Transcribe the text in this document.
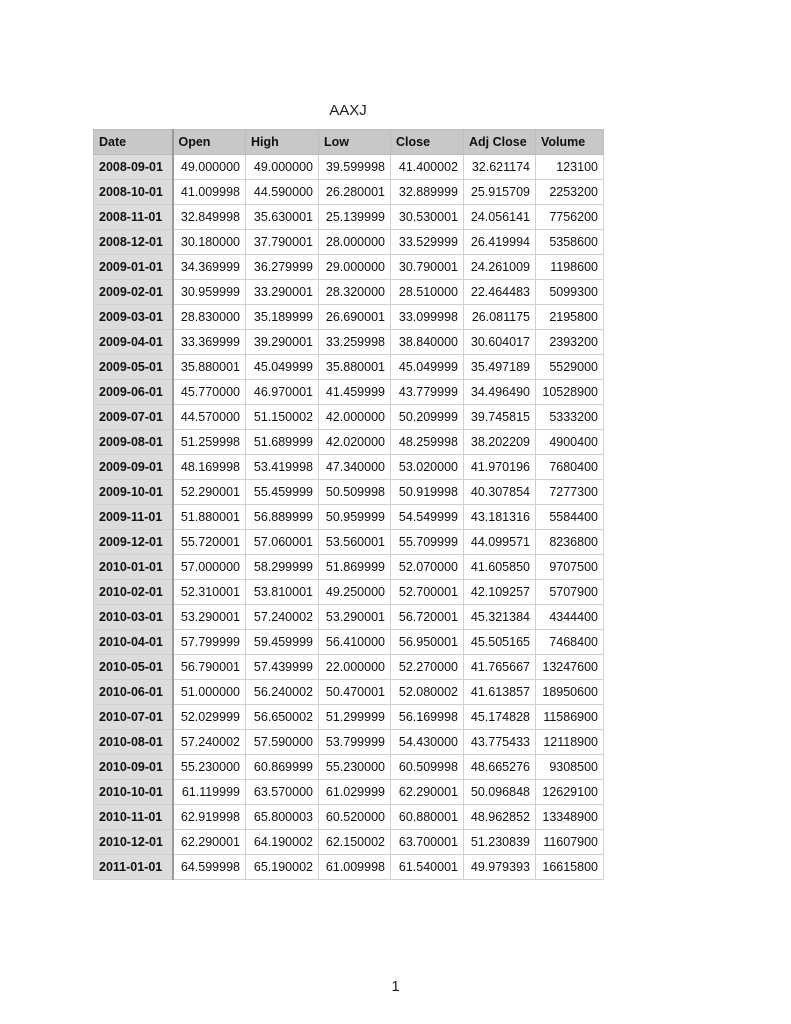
AAXJ
Date	Open	High	Low	Close	Adj Close	Volume
2008-09-01	49.000000	49.000000	39.599998	41.400002	32.621174	123100
2008-10-01	41.009998	44.590000	26.280001	32.889999	25.915709	2253200
2008-11-01	32.849998	35.630001	25.139999	30.530001	24.056141	7756200
2008-12-01	30.180000	37.790001	28.000000	33.529999	26.419994	5358600
2009-01-01	34.369999	36.279999	29.000000	30.790001	24.261009	1198600
2009-02-01	30.959999	33.290001	28.320000	28.510000	22.464483	5099300
2009-03-01	28.830000	35.189999	26.690001	33.099998	26.081175	2195800
2009-04-01	33.369999	39.290001	33.259998	38.840000	30.604017	2393200
2009-05-01	35.880001	45.049999	35.880001	45.049999	35.497189	5529000
2009-06-01	45.770000	46.970001	41.459999	43.779999	34.496490	10528900
2009-07-01	44.570000	51.150002	42.000000	50.209999	39.745815	5333200
2009-08-01	51.259998	51.689999	42.020000	48.259998	38.202209	4900400
2009-09-01	48.169998	53.419998	47.340000	53.020000	41.970196	7680400
2009-10-01	52.290001	55.459999	50.509998	50.919998	40.307854	7277300
2009-11-01	51.880001	56.889999	50.959999	54.549999	43.181316	5584400
2009-12-01	55.720001	57.060001	53.560001	55.709999	44.099571	8236800
2010-01-01	57.000000	58.299999	51.869999	52.070000	41.605850	9707500
2010-02-01	52.310001	53.810001	49.250000	52.700001	42.109257	5707900
2010-03-01	53.290001	57.240002	53.290001	56.720001	45.321384	4344400
2010-04-01	57.799999	59.459999	56.410000	56.950001	45.505165	7468400
2010-05-01	56.790001	57.439999	22.000000	52.270000	41.765667	13247600
2010-06-01	51.000000	56.240002	50.470001	52.080002	41.613857	18950600
2010-07-01	52.029999	56.650002	51.299999	56.169998	45.174828	11586900
2010-08-01	57.240002	57.590000	53.799999	54.430000	43.775433	12118900
2010-09-01	55.230000	60.869999	55.230000	60.509998	48.665276	9308500
2010-10-01	61.119999	63.570000	61.029999	62.290001	50.096848	12629100
2010-11-01	62.919998	65.800003	60.520000	60.880001	48.962852	13348900
2010-12-01	62.290001	64.190002	62.150002	63.700001	51.230839	11607900
2011-01-01	64.599998	65.190002	61.009998	61.540001	49.979393	16615800
1
